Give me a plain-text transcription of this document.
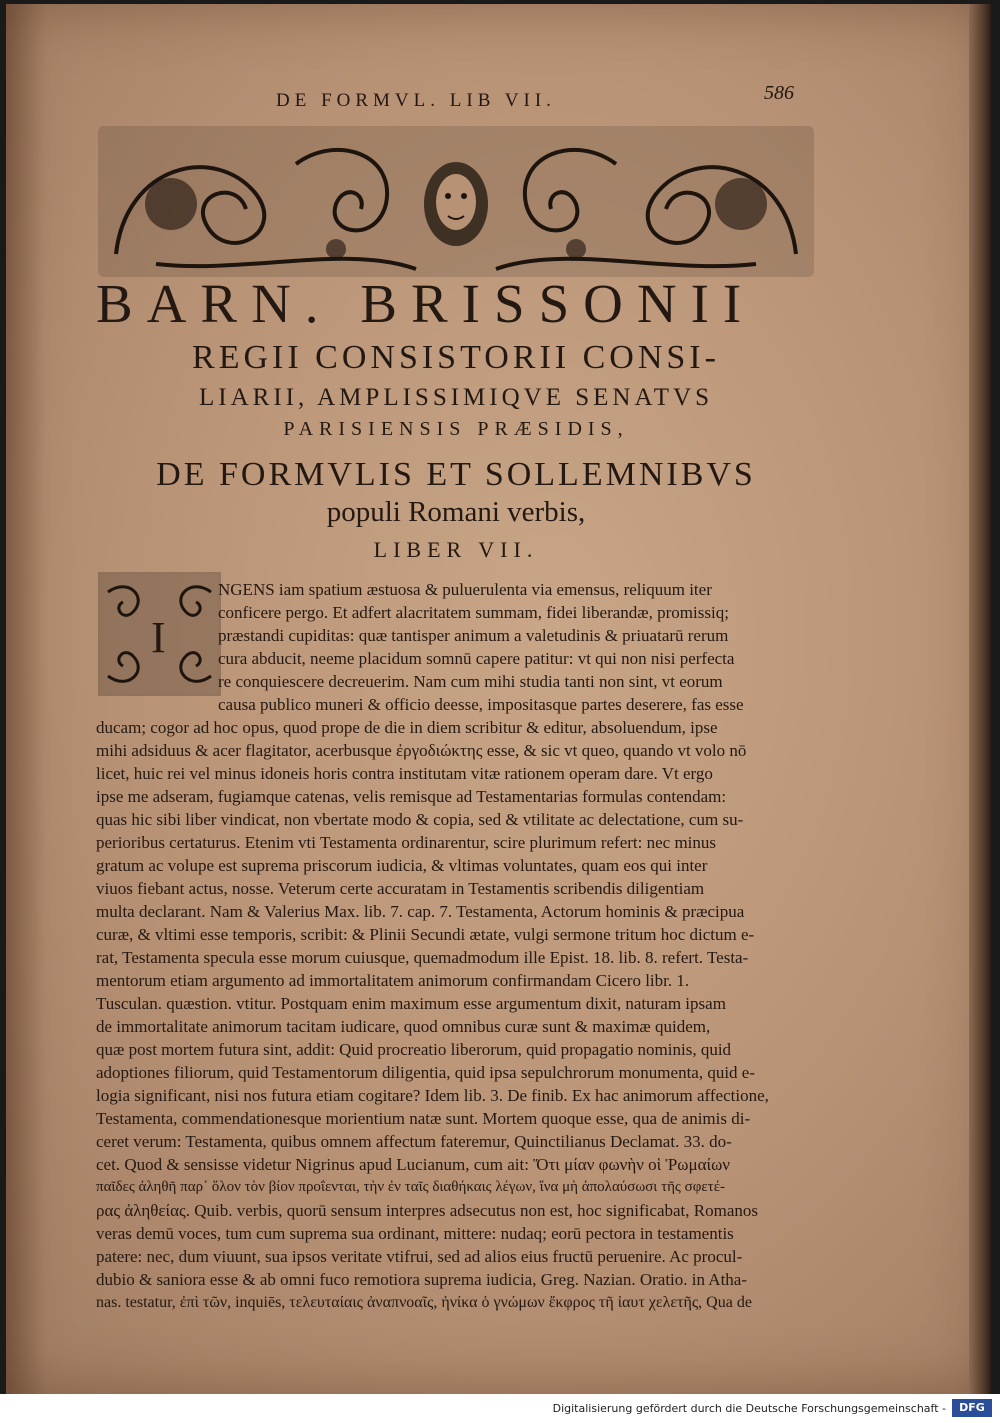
DE FORMVL. LIB VII.	586
BARN. BRISSONII
REGII CONSISTORII CONSI-
LIARII, AMPLISSIMIQVE SENATVS
PARISIENSIS PRÆSIDIS,
DE FORMVLIS ET SOLLEMNIBVS
populi Romani verbis,
LIBER VII.
I
NGENS iam spatium æstuosa & puluerulenta via emensus, reliquum iter
conficere pergo. Et adfert alacritatem summam, fidei liberandæ, promissiq;
præstandi cupiditas: quæ tantisper animum a valetudinis & priuatarū rerum
cura abducit, neeme placidum somnū capere patitur: vt qui non nisi perfecta
re conquiescere decreuerim. Nam cum mihi studia tanti non sint, vt eorum
causa publico muneri & officio deesse, impositasque partes deserere, fas esse
ducam; cogor ad hoc opus, quod prope de die in diem scribitur & editur, absoluendum, ipse
mihi adsiduus & acer flagitator, acerbusque ἐργοδιώκτης esse, & sic vt queo, quando vt volo nō
licet, huic rei vel minus idoneis horis contra institutam vitæ rationem operam dare. Vt ergo
ipse me adseram, fugiamque catenas, velis remisque ad Testamentarias formulas contendam:
quas hic sibi liber vindicat, non vbertate modo & copia, sed & vtilitate ac delectatione, cum su-
perioribus certaturus. Etenim vti Testamenta ordinarentur, scire plurimum refert: nec minus
gratum ac volupe est suprema priscorum iudicia, & vltimas voluntates, quam eos qui inter
viuos fiebant actus, nosse. Veterum certe accuratam in Testamentis scribendis diligentiam
multa declarant. Nam & Valerius Max. lib. 7. cap. 7. Testamenta, Actorum hominis & præcipua
curæ, & vltimi esse temporis, scribit: & Plinii Secundi ætate, vulgi sermone tritum hoc dictum e-
rat, Testamenta specula esse morum cuiusque, quemadmodum ille Epist. 18. lib. 8. refert. Testa-
mentorum etiam argumento ad immortalitatem animorum confirmandam Cicero libr. 1.
Tusculan. quæstion. vtitur. Postquam enim maximum esse argumentum dixit, naturam ipsam
de immortalitate animorum tacitam iudicare, quod omnibus curæ sunt & maximæ quidem,
quæ post mortem futura sint, addit: Quid procreatio liberorum, quid propagatio nominis, quid
adoptiones filiorum, quid Testamentorum diligentia, quid ipsa sepulchrorum monumenta, quid e-
logia significant, nisi nos futura etiam cogitare? Idem lib. 3. De finib. Ex hac animorum affectione,
Testamenta, commendationesque morientium natæ sunt. Mortem quoque esse, qua de animis di-
ceret verum: Testamenta, quibus omnem affectum fateremur, Quinctilianus Declamat. 33. do-
cet. Quod & sensisse videtur Nigrinus apud Lucianum, cum ait: Ὅτι μίαν φωνὴν οἱ Ῥωμαίων
παῖδες ἀληθῆ παρ᾽ ὅλον τὸν βίον προΐενται, τὴν ἐν ταῖς διαθήκαις λέγων, ἵνα μὴ ἀπολαύσωσι τῆς σφετέ-
ρας ἀληθείας. Quib. verbis, quorū sensum interpres adsecutus non est, hoc significabat, Romanos
veras demū voces, tum cum suprema sua ordinant, mittere: nudaq; eorū pectora in testamentis
patere: nec, dum viuunt, sua ipsos veritate vtifrui, sed ad alios eius fructū peruenire. Ac procul-
dubio & saniora esse & ab omni fuco remotiora suprema iudicia, Greg. Nazian. Oratio. in Atha-
nas. testatur, ἐπὶ τῶν, inquiēs, τελευταίαις ἀναπνοαῖς, ἡνίκα ὁ γνώμων ἔκφρος τῆ ἰαυτ χελετῆς, Qua de
Digitalisierung gefördert durch die Deutsche Forschungsgemeinschaft -	DFG
